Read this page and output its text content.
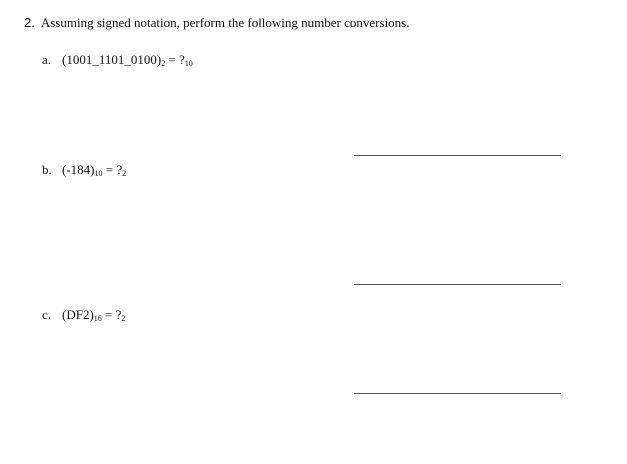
2. Assuming signed notation, perform the following number conversions.
a. $(1001\_1101\_0100)_2$ = $?_{10}$
b. $(-184)_{10}$ = $?_2$
c. $(DF2)_{16}$ = $?_2$
